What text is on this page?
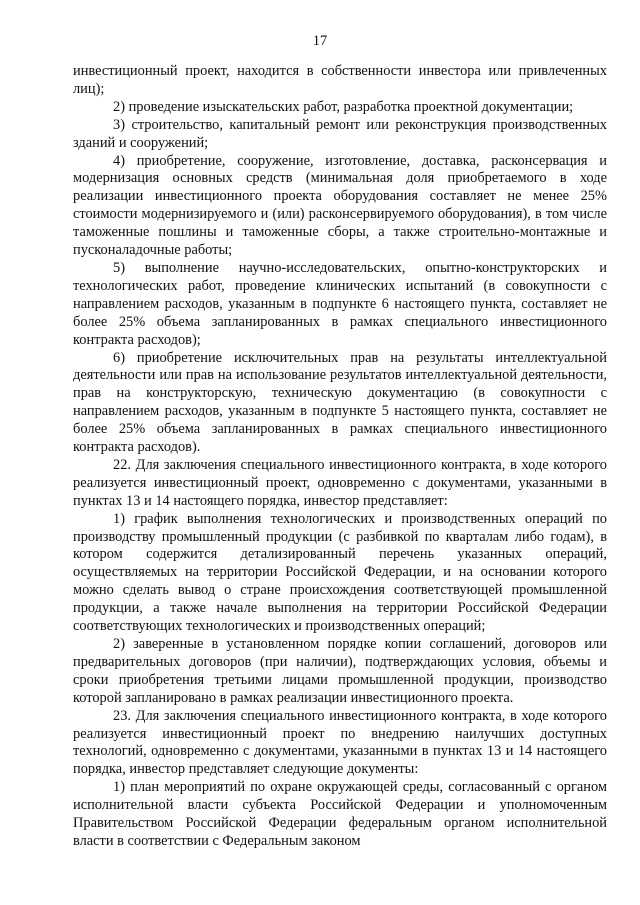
17

инвестиционный проект, находится в собственности инвестора или привлеченных лиц);

2) проведение изыскательских работ, разработка проектной документации;

3) строительство, капитальный ремонт или реконструкция производственных зданий и сооружений;

4) приобретение, сооружение, изготовление, доставка, расконсервация и модернизация основных средств (минимальная доля приобретаемого в ходе реализации инвестиционного проекта оборудования составляет не менее 25% стоимости модернизируемого и (или) расконсервируемого оборудования), в том числе таможенные пошлины и таможенные сборы, а также строительно-монтажные и пусконаладочные работы;

5) выполнение научно-исследовательских, опытно-конструкторских и технологических работ, проведение клинических испытаний (в совокупности с направлением расходов, указанным в подпункте 6 настоящего пункта, составляет не более 25% объема запланированных в рамках специального инвестиционного контракта расходов);

6) приобретение исключительных прав на результаты интеллектуальной деятельности или прав на использование результатов интеллектуальной деятельности, прав на конструкторскую, техническую документацию (в совокупности с направлением расходов, указанным в подпункте 5 настоящего пункта, составляет не более 25% объема запланированных в рамках специального инвестиционного контракта расходов).

22. Для заключения специального инвестиционного контракта, в ходе которого реализуется инвестиционный проект, одновременно с документами, указанными в пунктах 13 и 14 настоящего порядка, инвестор представляет:

1) график выполнения технологических и производственных операций по производству промышленный продукции (с разбивкой по кварталам либо годам), в котором содержится детализированный перечень указанных операций, осуществляемых на территории Российской Федерации, и на основании которого можно сделать вывод о стране происхождения соответствующей промышленной продукции, а также начале выполнения на территории Российской Федерации соответствующих технологических и производственных операций;

2) заверенные в установленном порядке копии соглашений, договоров или предварительных договоров (при наличии), подтверждающих условия, объемы и сроки приобретения третьими лицами промышленной продукции, производство которой запланировано в рамках реализации инвестиционного проекта.

23. Для заключения специального инвестиционного контракта, в ходе которого реализуется инвестиционный проект по внедрению наилучших доступных технологий, одновременно с документами, указанными в пунктах 13 и 14 настоящего порядка, инвестор представляет следующие документы:

1) план мероприятий по охране окружающей среды, согласованный с органом исполнительной власти субъекта Российской Федерации и уполномоченным Правительством Российской Федерации федеральным органом исполнительной власти в соответствии с Федеральным законом
